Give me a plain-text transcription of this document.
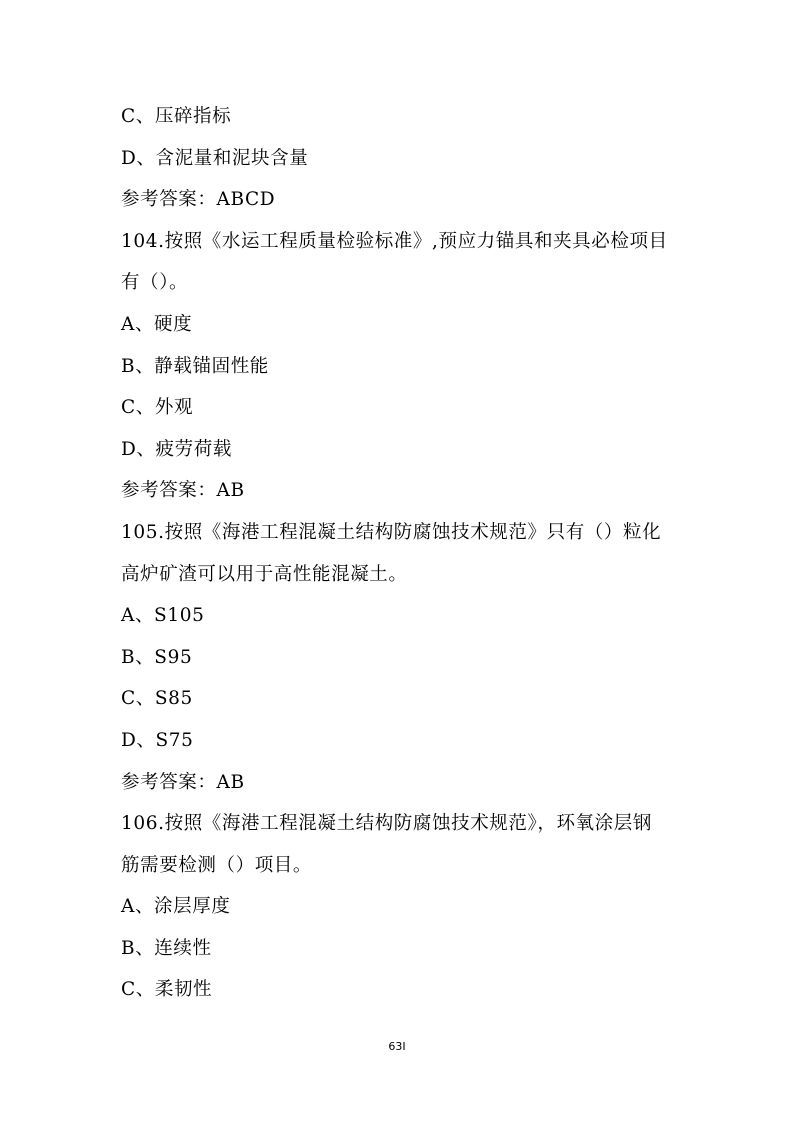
C、压碎指标
D、含泥量和泥块含量
参考答案：ABCD
104.按照《水运工程质量检验标准》,预应力锚具和夹具必检项目
有（）。
A、硬度
B、静载锚固性能
C、外观
D、疲劳荷载
参考答案：AB
105.按照《海港工程混凝土结构防腐蚀技术规范》只有（）粒化
高炉矿渣可以用于高性能混凝土。
A、S105
B、S95
C、S85
D、S75
参考答案：AB
106.按照《海港工程混凝土结构防腐蚀技术规范》，环氧涂层钢
筋需要检测（）项目。
A、涂层厚度
B、连续性
C、柔韧性
63I
